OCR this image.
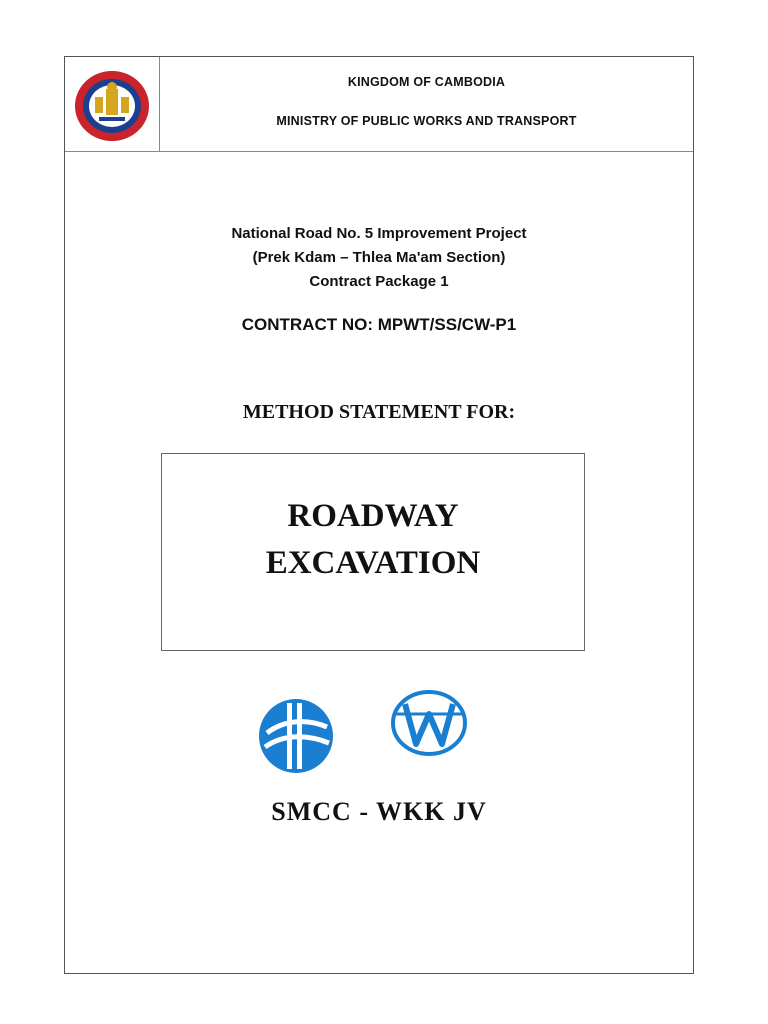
KINGDOM OF CAMBODIA
MINISTRY OF PUBLIC WORKS AND TRANSPORT
National Road No. 5 Improvement Project
(Prek Kdam – Thlea Ma'am Section)
Contract Package 1
CONTRACT NO: MPWT/SS/CW-P1
METHOD STATEMENT FOR:
ROADWAY
EXCAVATION
SMCC - WKK JV
